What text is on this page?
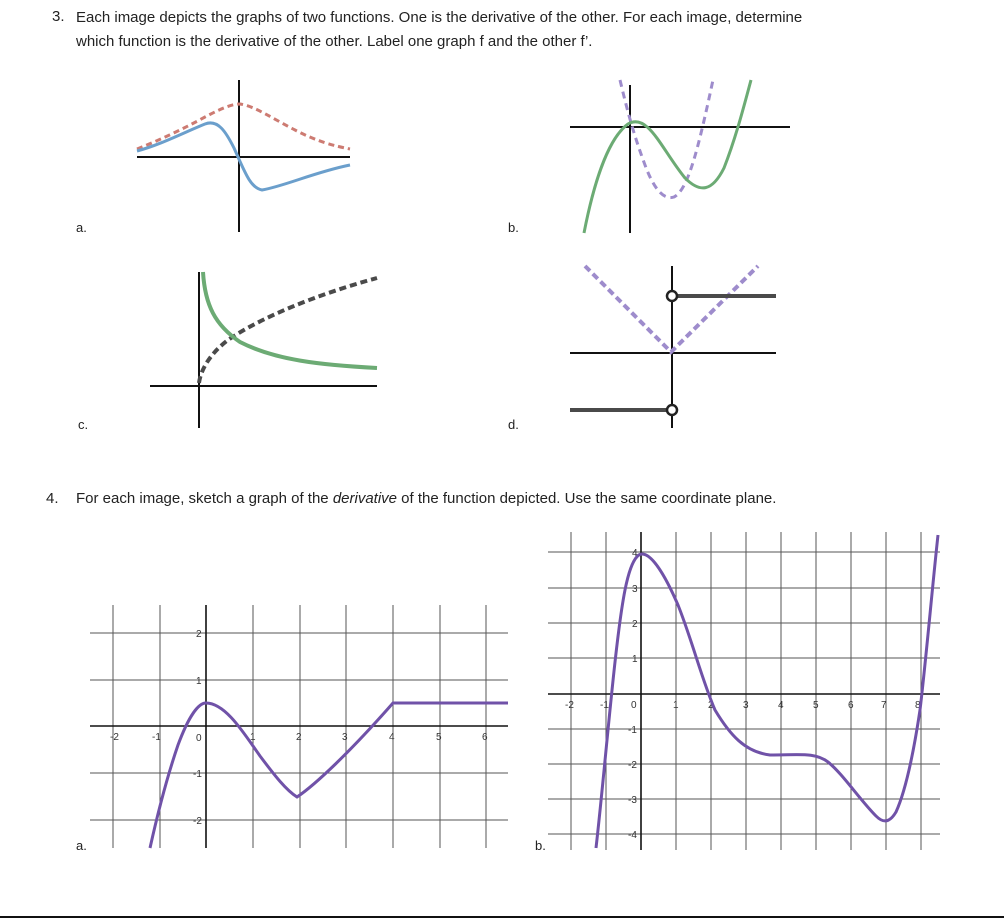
3. Each image depicts the graphs of two functions. One is the derivative of the other. For each image, determine
which function is the derivative of the other. Label one graph f and the other f’.
a.	b.
c.	d.
4. For each image, sketch a graph of the derivative of the function depicted. Use the same coordinate plane.
a.	b.
-2	-1	0	1	2	3	4	5	6
2
1
-1
-2
-2	-1 0	1	2	3	4	5	6	7	8
4
3
2
1
-1
-2
-3
-4
